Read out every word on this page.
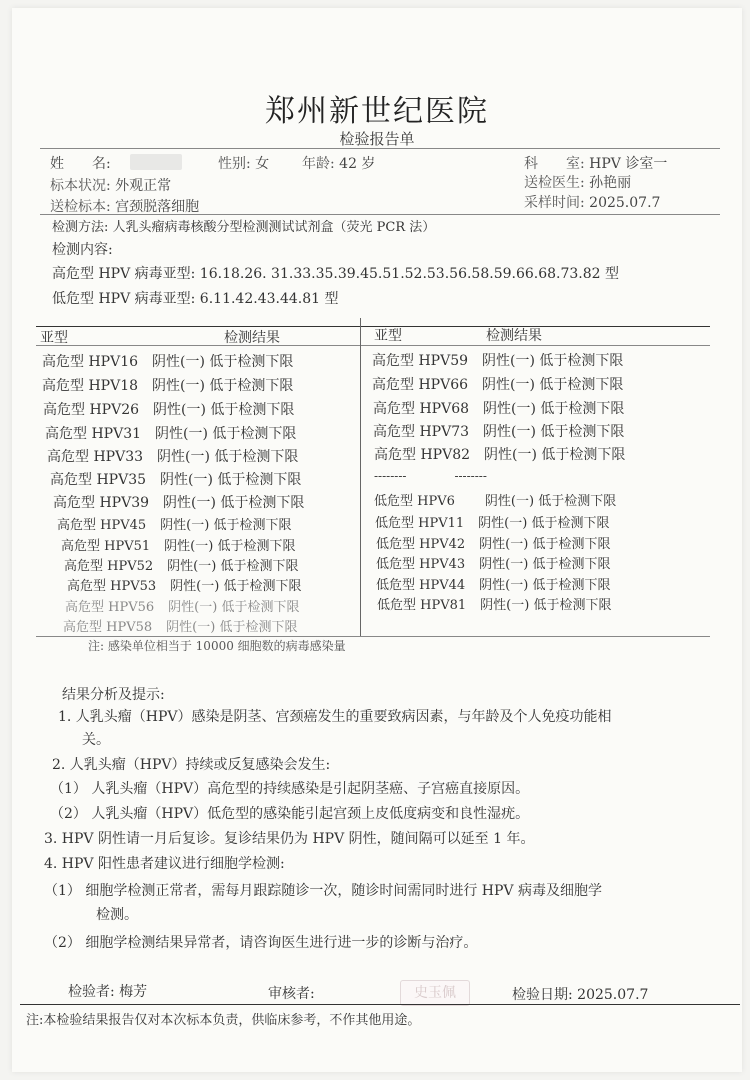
郑州新世纪医院
检验报告单
姓　　名:	性别: 女 年龄: 42 岁	科　　室: HPV 诊室一
标本状况: 外观正常	送检医生: 孙艳丽
送检标本: 宫颈脱落细胞	采样时间: 2025.07.7
检测方法: 人乳头瘤病毒核酸分型检测测试试剂盒（荧光 PCR 法）
检测内容:
高危型 HPV 病毒亚型: 16.18.26. 31.33.35.39.45.51.52.53.56.58.59.66.68.73.82 型
低危型 HPV 病毒亚型: 6.11.42.43.44.81 型
亚型	检测结果	亚型	检测结果
高危型 HPV16 阴性(一) 低于检测下限
高危型 HPV18 阴性(一) 低于检测下限
高危型 HPV26 阴性(一) 低于检测下限
高危型 HPV31 阴性(一) 低于检测下限
高危型 HPV33 阴性(一) 低于检测下限
高危型 HPV35 阴性(一) 低于检测下限
高危型 HPV39 阴性(一) 低于检测下限
高危型 HPV45 阴性(一) 低于检测下限
高危型 HPV51 阴性(一) 低于检测下限
高危型 HPV52 阴性(一) 低于检测下限
高危型 HPV53 阴性(一) 低于检测下限
高危型 HPV56 阴性(一) 低于检测下限
高危型 HPV58 阴性(一) 低于检测下限
高危型 HPV59 阴性(一) 低于检测下限
高危型 HPV66 阴性(一) 低于检测下限
高危型 HPV68 阴性(一) 低于检测下限
高危型 HPV73 阴性(一) 低于检测下限
高危型 HPV82 阴性(一) 低于检测下限
--------	--------
低危型 HPV6 阴性(一) 低于检测下限
低危型 HPV11 阴性(一) 低于检测下限
低危型 HPV42 阴性(一) 低于检测下限
低危型 HPV43 阴性(一) 低于检测下限
低危型 HPV44 阴性(一) 低于检测下限
低危型 HPV81 阴性(一) 低于检测下限
注: 感染单位相当于 10000 细胞数的病毒感染量
结果分析及提示:
1. 人乳头瘤（HPV）感染是阴茎、宫颈癌发生的重要致病因素，与年龄及个人免疫功能相
关。
2. 人乳头瘤（HPV）持续或反复感染会发生:
（1） 人乳头瘤（HPV）高危型的持续感染是引起阴茎癌、子宫癌直接原因。
（2） 人乳头瘤（HPV）低危型的感染能引起宫颈上皮低度病变和良性湿疣。
3. HPV 阴性请一月后复诊。复诊结果仍为 HPV 阴性，随间隔可以延至 1 年。
4. HPV 阳性患者建议进行细胞学检测:
（1） 细胞学检测正常者，需每月跟踪随诊一次，随诊时间需同时进行 HPV 病毒及细胞学
检测。
（2） 细胞学检测结果异常者，请咨询医生进行进一步的诊断与治疗。
检验者: 梅芳	审核者:	史玉佩	检验日期: 2025.07.7
注:本检验结果报告仅对本次标本负责，供临床参考，不作其他用途。
